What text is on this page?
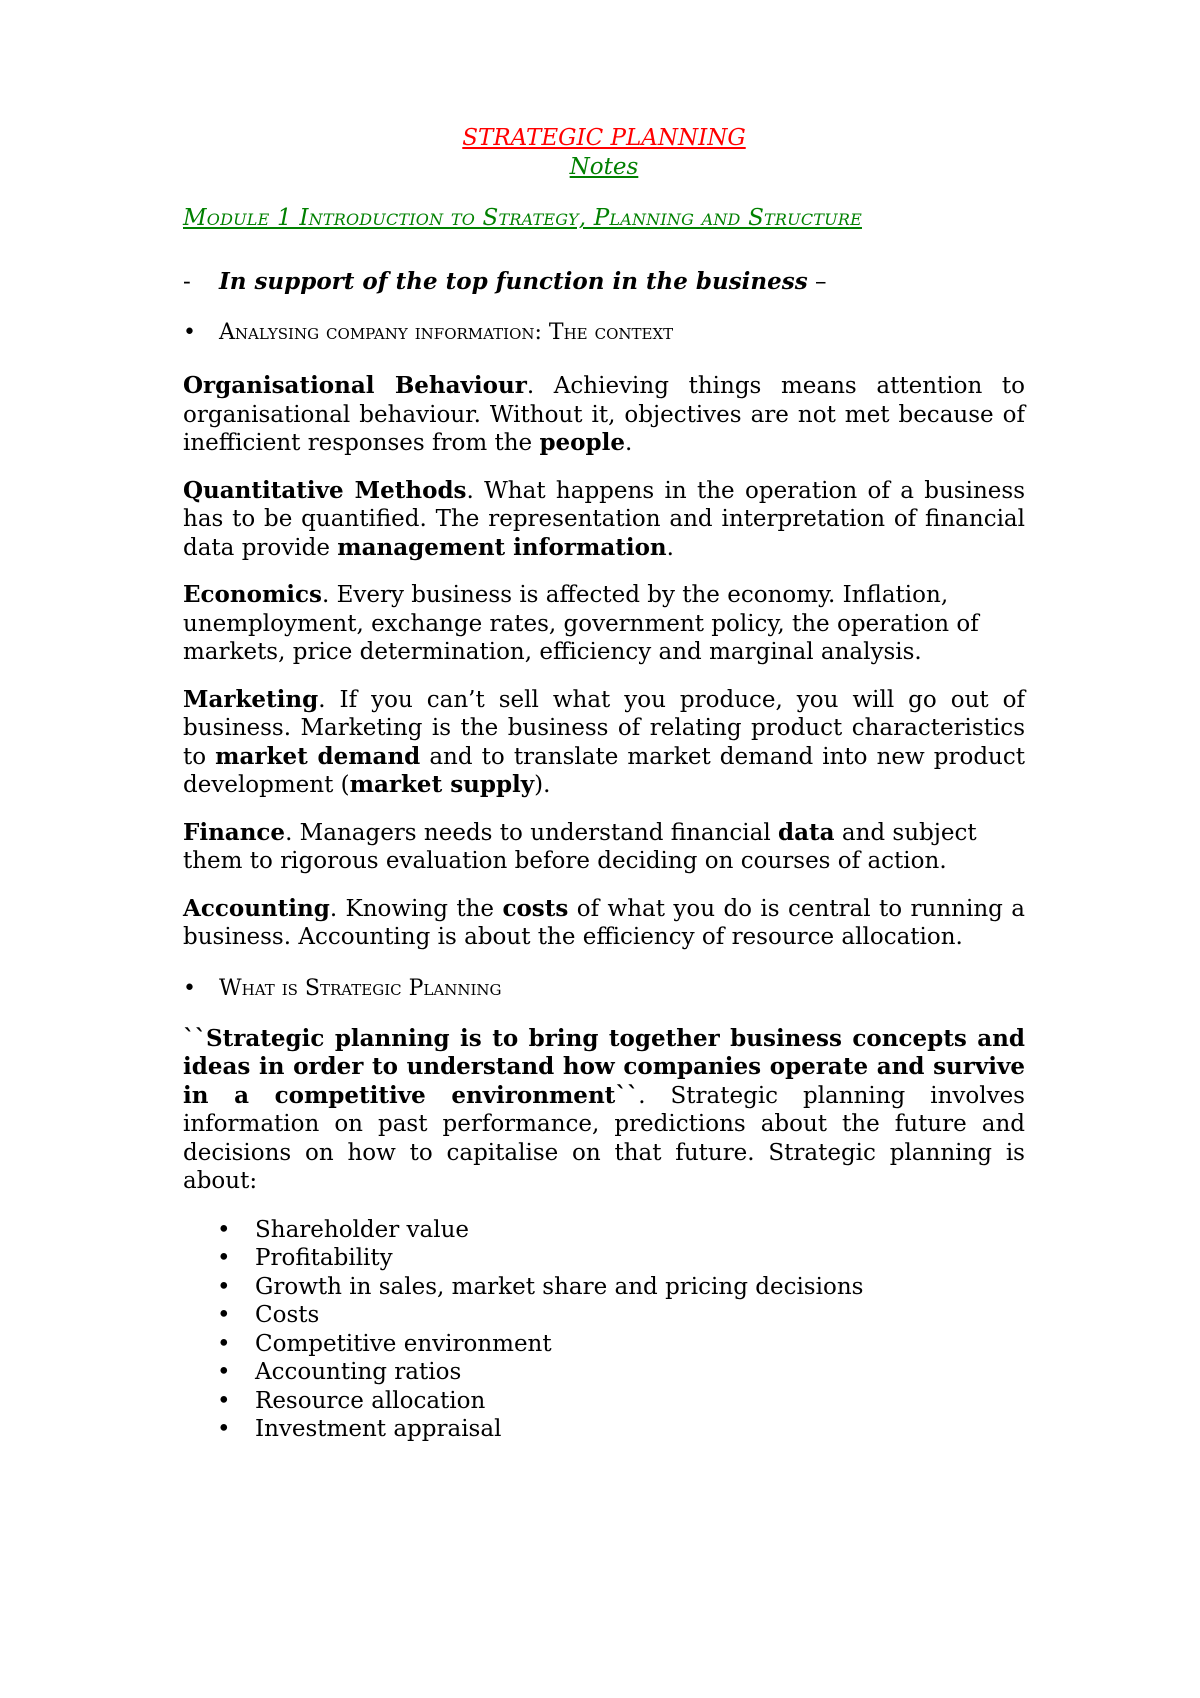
STRATEGIC PLANNING

Notes

Module 1 Introduction to Strategy, Planning and Structure

- In support of the top function in the business –

• Analysing company information: The context

Organisational Behaviour. Achieving things means attention to organisational behaviour. Without it, objectives are not met because of inefficient responses from the people.

Quantitative Methods. What happens in the operation of a business has to be quantified. The representation and interpretation of financial data provide management information.

Economics. Every business is affected by the economy. Inflation, unemployment, exchange rates, government policy, the operation of markets, price determination, efficiency and marginal analysis.

Marketing. If you can’t sell what you produce, you will go out of business. Marketing is the business of relating product characteristics to market demand and to translate market demand into new product development (market supply).

Finance. Managers needs to understand financial data and subject them to rigorous evaluation before deciding on courses of action.

Accounting. Knowing the costs of what you do is central to running a business. Accounting is about the efficiency of resource allocation.

• What is Strategic Planning

``Strategic planning is to bring together business concepts and ideas in order to understand how companies operate and survive in a competitive environment``. Strategic planning involves information on past performance, predictions about the future and decisions on how to capitalise on that future. Strategic planning is about:

•	Shareholder value
•	Profitability
•	Growth in sales, market share and pricing decisions
•	Costs
•	Competitive environment
•	Accounting ratios
•	Resource allocation
•	Investment appraisal
